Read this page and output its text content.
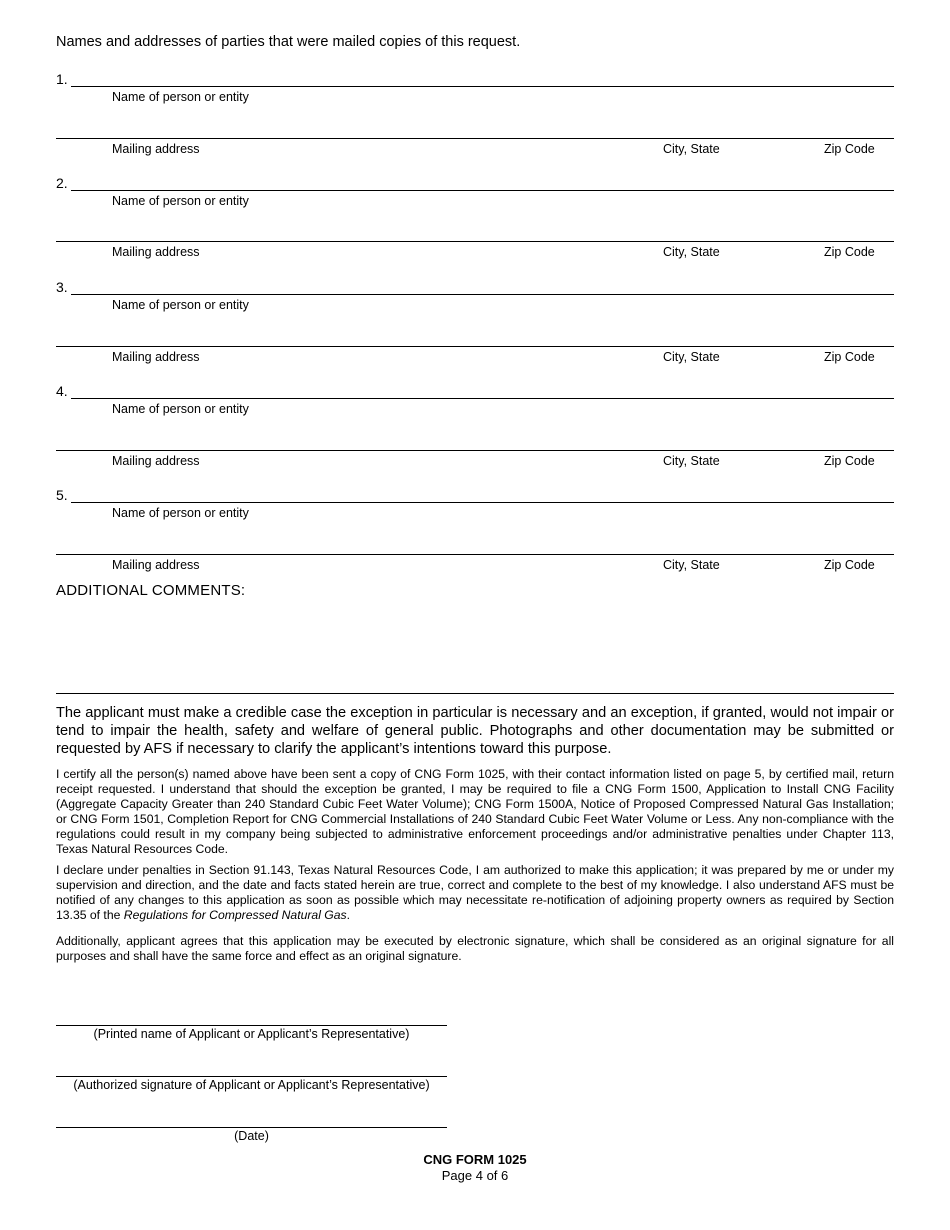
Names and addresses of parties that were mailed copies of this request.
1.
Name of person or entity
Mailing address	City, State	Zip Code
2.
Name of person or entity
Mailing address	City, State	Zip Code
3.
Name of person or entity
Mailing address	City, State	Zip Code
4.
Name of person or entity
Mailing address	City, State	Zip Code
5.
Name of person or entity
Mailing address	City, State	Zip Code
ADDITIONAL COMMENTS:
The applicant must make a credible case the exception in particular is necessary and an exception, if granted, would not impair or tend to impair the health, safety and welfare of general public. Photographs and other documentation may be submitted or requested by AFS if necessary to clarify the applicant’s intentions toward this purpose.
I certify all the person(s) named above have been sent a copy of CNG Form 1025, with their contact information listed on page 5, by certified mail, return receipt requested. I understand that should the exception be granted, I may be required to file a CNG Form 1500, Application to Install CNG Facility (Aggregate Capacity Greater than 240 Standard Cubic Feet Water Volume); CNG Form 1500A, Notice of Proposed Compressed Natural Gas Installation; or CNG Form 1501, Completion Report for CNG Commercial Installations of 240 Standard Cubic Feet Water Volume or Less. Any non-compliance with the regulations could result in my company being subjected to administrative enforcement proceedings and/or administrative penalties under Chapter 113, Texas Natural Resources Code.
I declare under penalties in Section 91.143, Texas Natural Resources Code, I am authorized to make this application; it was prepared by me or under my supervision and direction, and the date and facts stated herein are true, correct and complete to the best of my knowledge. I also understand AFS must be notified of any changes to this application as soon as possible which may necessitate re-notification of adjoining property owners as required by Section 13.35 of the Regulations for Compressed Natural Gas.
Additionally, applicant agrees that this application may be executed by electronic signature, which shall be considered as an original signature for all purposes and shall have the same force and effect as an original signature.
(Printed name of Applicant or Applicant’s Representative)
(Authorized signature of Applicant or Applicant’s Representative)
(Date)
CNG FORM 1025
Page 4 of 6
